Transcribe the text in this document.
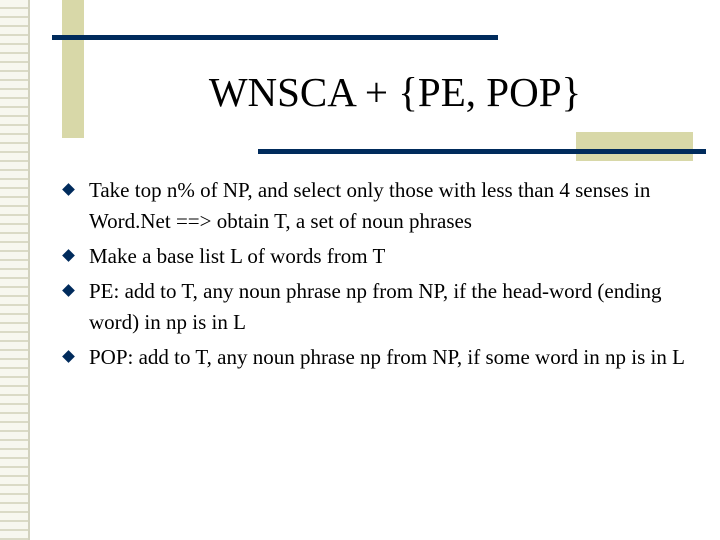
WNSCA + {PE, POP}
Take top n% of NP, and select only those with less than 4 senses in Word.Net ==> obtain T, a set of noun phrases
Make a base list L of words from T
PE: add to T, any noun phrase np from NP, if the head-word (ending word) in np is in L
POP: add to T, any noun phrase np from NP, if some word in np is in L
